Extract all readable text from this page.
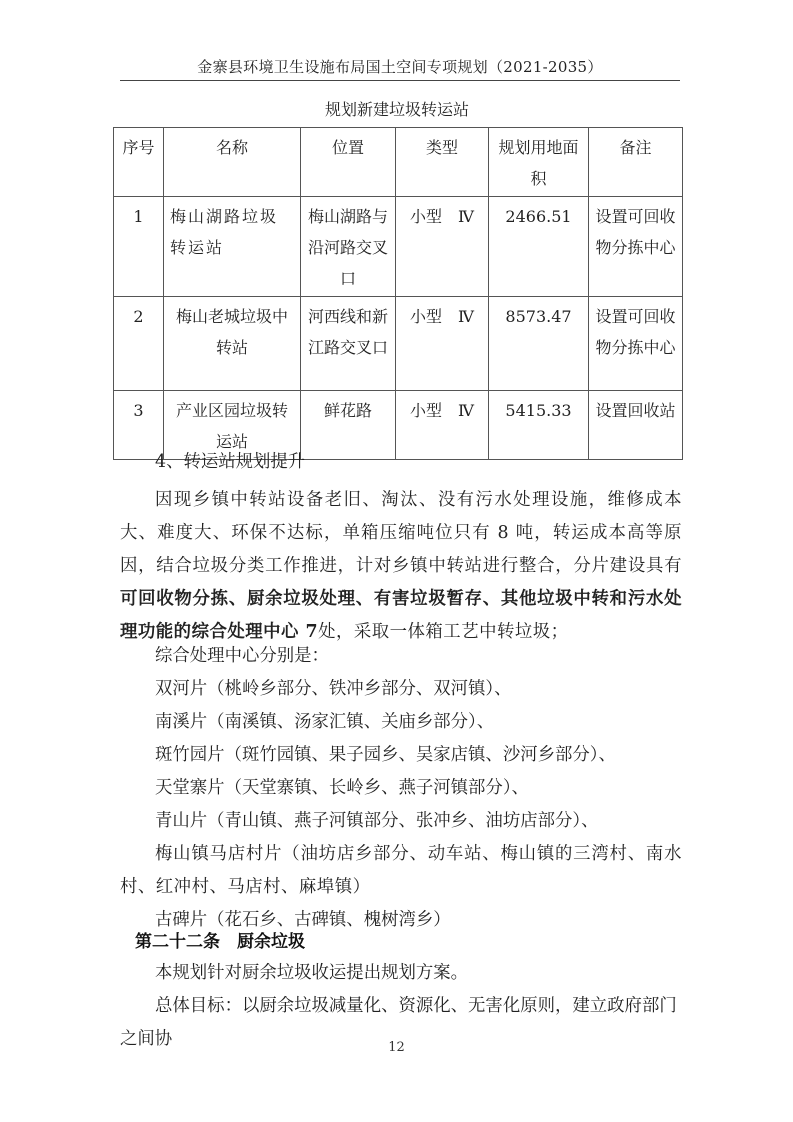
金寨县环境卫生设施布局国土空间专项规划（2021-2035）
规划新建垃圾转运站
序号	名称	位置	类型	规划用地面积	备注
1	梅山湖路垃圾转运站	梅山湖路与沿河路交叉口	小型　Ⅳ	2466.51	设置可回收物分拣中心
2	梅山老城垃圾中转站	河西线和新江路交叉口	小型　Ⅳ	8573.47	设置可回收物分拣中心
3	产业区园垃圾转运站	鲜花路	小型　Ⅳ	5415.33	设置回收站
4、转运站规划提升

因现乡镇中转站设备老旧、淘汰、没有污水处理设施，维修成本大、难度大、环保不达标，单箱压缩吨位只有 8 吨，转运成本高等原因，结合垃圾分类工作推进，计对乡镇中转站进行整合，分片建设具有可回收物分拣、厨余垃圾处理、有害垃圾暂存、其他垃圾中转和污水处理功能的综合处理中心 7处，采取一体箱工艺中转垃圾；

综合处理中心分别是：
双河片（桃岭乡部分、铁冲乡部分、双河镇）、
南溪片（南溪镇、汤家汇镇、关庙乡部分）、
斑竹园片（斑竹园镇、果子园乡、吴家店镇、沙河乡部分）、
天堂寨片（天堂寨镇、长岭乡、燕子河镇部分）、
青山片（青山镇、燕子河镇部分、张冲乡、油坊店部分）、
梅山镇马店村片（油坊店乡部分、动车站、梅山镇的三湾村、南水村、红冲村、马店村、麻埠镇）
古碑片（花石乡、古碑镇、槐树湾乡）
第二十二条　厨余垃圾
本规划针对厨余垃圾收运提出规划方案。
总体目标：以厨余垃圾减量化、资源化、无害化原则，建立政府部门之间协	12
